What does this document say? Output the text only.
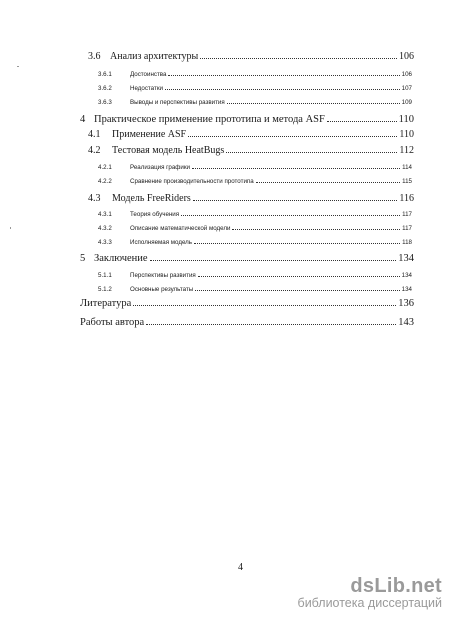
3.6 Анализ архитектуры	106
3.6.1	Достоинства	106
3.6.2	Недостатки	107
3.6.3	Выводы и перспективы развития	109
4 Практическое применение прототипа и метода ASF	110
4.1	Применение ASF	110
4.2	Тестовая модель HeatBugs	112
4.2.1	Реализация графики	114
4.2.2	Сравнение производительности прототипа	115
4.3	Модель FreeRiders	116
4.3.1	Теория обучения	117
4.3.2	Описание математической модели	117
4.3.3	Исполняемая модель	118
5 Заключение	134
5.1.1	Перспективы развития	134
5.1.2	Основные результаты	134
Литература	136
Работы автора	143
4
dsLib.net
библиотека диссертаций
